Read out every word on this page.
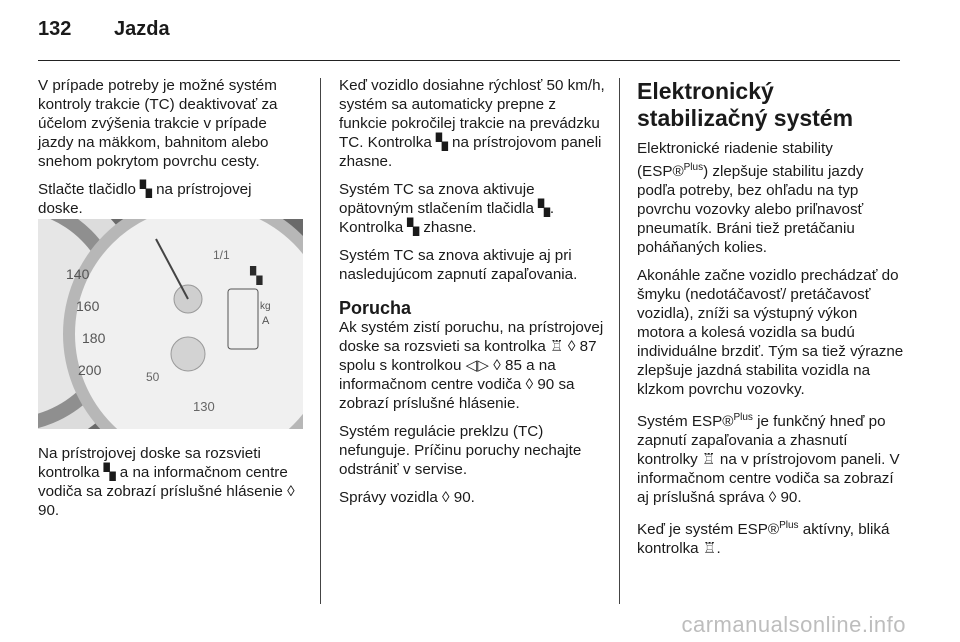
132 Jazda

V prípade potreby je možné systém kontroly trakcie (TC) deaktivovať za účelom zvýšenia trakcie v prípade jazdy na mäkkom, bahnitom alebo snehom pokrytom povrchu cesty.

Stlačte tlačidlo ▚ na prístrojovej doske.

140
160
180
200
1/1
130
50
kg
A
▚

Na prístrojovej doske sa rozsvieti kontrolka ▚ a na informačnom centre vodiča sa zobrazí príslušné hlásenie ◊ 90.

Keď vozidlo dosiahne rýchlosť 50 km/h, systém sa automaticky prepne z funkcie pokročilej trakcie na prevádzku TC. Kontrolka ▚ na prístrojovom paneli zhasne.

Systém TC sa znova aktivuje opätovným stlačením tlačidla ▚. Kontrolka ▚ zhasne.

Systém TC sa znova aktivuje aj pri nasledujúcom zapnutí zapaľovania.

Porucha

Ak systém zistí poruchu, na prístrojovej doske sa rozsvieti sa kontrolka ♖ ◊ 87 spolu s kontrolkou ◁▷ ◊ 85 a na informačnom centre vodiča ◊ 90 sa zobrazí príslušné hlásenie.

Systém regulácie preklzu (TC) nefunguje. Príčinu poruchy nechajte odstrániť v servise.

Správy vozidla ◊ 90.

Elektronický stabilizačný systém

Elektronické riadenie stability (ESP®$^{Plus}$) zlepšuje stabilitu jazdy podľa potreby, bez ohľadu na typ povrchu vozovky alebo priľnavosť pneumatík. Bráni tiež pretáčaniu poháňaných kolies.

Akonáhle začne vozidlo prechádzať do šmyku (nedotáčavosť/ pretáčavosť vozidla), zníži sa výstupný výkon motora a kolesá vozidla sa budú individuálne brzdiť. Tým sa tiež výrazne zlepšuje jazdná stabilita vozidla na klzkom povrchu vozovky.

Systém ESP®$^{Plus}$ je funkčný hneď po zapnutí zapaľovania a zhasnutí kontrolky ♖ na v prístrojovom paneli. V informačnom centre vodiča sa zobrazí aj príslušná správa ◊ 90.

Keď je systém ESP®$^{Plus}$ aktívny, bliká kontrolka ♖.

carmanualsonline.info
